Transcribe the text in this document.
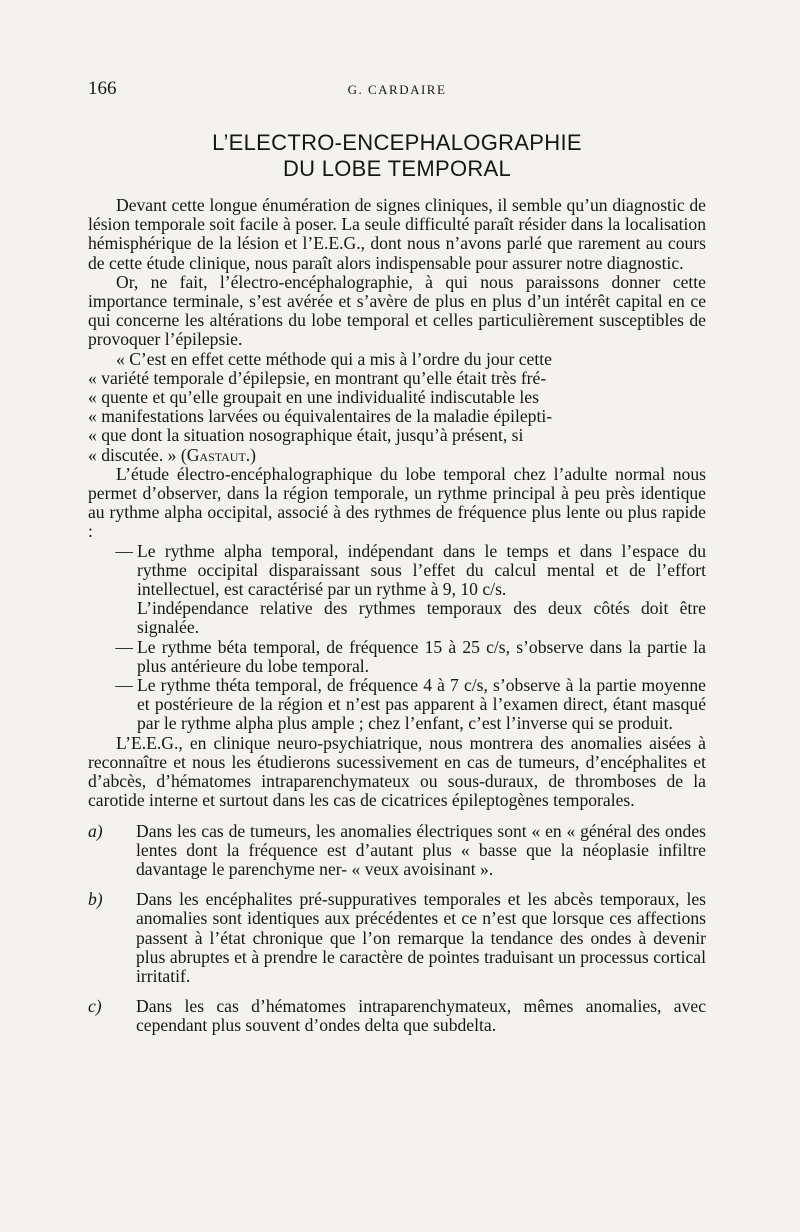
166	G. CARDAIRE
L’ELECTRO-ENCEPHALOGRAPHIE
DU LOBE TEMPORAL

Devant cette longue énumération de signes cliniques, il semble qu’un diagnostic de lésion temporale soit facile à poser. La seule difficulté paraît résider dans la localisation hémisphérique de la lésion et l’E.E.G., dont nous n’avons parlé que rarement au cours de cette étude clinique, nous paraît alors indispensable pour assurer notre diagnostic.

Or, ne fait, l’électro-encéphalographie, à qui nous paraissons donner cette importance terminale, s’est avérée et s’avère de plus en plus d’un intérêt capital en ce qui concerne les altérations du lobe temporal et celles particulièrement susceptibles de provoquer l’épilepsie.

« C’est en effet cette méthode qui a mis à l’ordre du jour cette

« variété temporale d’épilepsie, en montrant qu’elle était très fré-

« quente et qu’elle groupait en une individualité indiscutable les

« manifestations larvées ou équivalentaires de la maladie épilepti-

« que dont la situation nosographique était, jusqu’à présent, si

« discutée. » (Gastaut.)

L’étude électro-encéphalographique du lobe temporal chez l’adulte normal nous permet d’observer, dans la région temporale, un rythme principal à peu près identique au rythme alpha occipital, associé à des rythmes de fréquence plus lente ou plus rapide :

— Le rythme alpha temporal, indépendant dans le temps et dans l’espace du rythme occipital disparaissant sous l’effet du calcul mental et de l’effort intellectuel, est caractérisé par un rythme à 9, 10 c/s.
L’indépendance relative des rythmes temporaux des deux côtés doit être signalée.
— Le rythme béta temporal, de fréquence 15 à 25 c/s, s’observe dans la partie la plus antérieure du lobe temporal.
— Le rythme théta temporal, de fréquence 4 à 7 c/s, s’observe à la partie moyenne et postérieure de la région et n’est pas apparent à l’examen direct, étant masqué par le rythme alpha plus ample ; chez l’enfant, c’est l’inverse qui se produit.

L’E.E.G., en clinique neuro-psychiatrique, nous montrera des anomalies aisées à reconnaître et nous les étudierons sucessivement en cas de tumeurs, d’encéphalites et d’abcès, d’hématomes intraparenchymateux ou sous-duraux, de thromboses de la carotide interne et surtout dans les cas de cicatrices épileptogènes temporales.

a)	Dans les cas de tumeurs, les anomalies électriques sont « en « général des ondes lentes dont la fréquence est d’autant plus « basse que la néoplasie infiltre davantage le parenchyme ner- « veux avoisinant ».
b)	Dans les encéphalites pré-suppuratives temporales et les abcès temporaux, les anomalies sont identiques aux précédentes et ce n’est que lorsque ces affections passent à l’état chronique que l’on remarque la tendance des ondes à devenir plus abruptes et à prendre le caractère de pointes traduisant un processus cortical irritatif.
c)	Dans les cas d’hématomes intraparenchymateux, mêmes anomalies, avec cependant plus souvent d’ondes delta que subdelta.
